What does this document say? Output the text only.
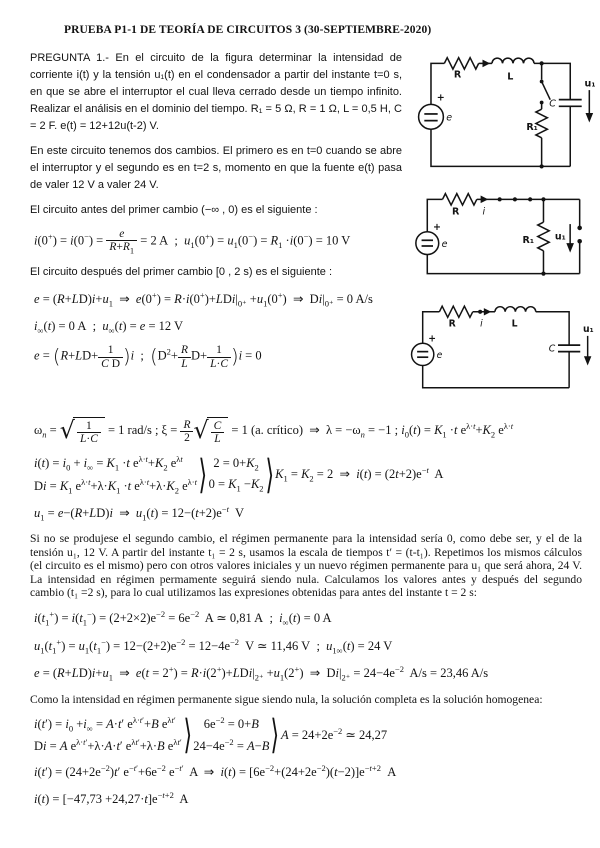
PRUEBA P1-1 DE TEORÍA DE CIRCUITOS 3 (30-SEPTIEMBRE-2020)

PREGUNTA 1.- En el circuito de la figura determinar la intensidad de corriente i(t) y la tensión u₁(t) en el condensador a partir del instante t=0 s, en que se abre el interruptor el cual lleva cerrado desde un tiempo infinito. Realizar el análisis en el dominio del tiempo. R₁ = 5 Ω, R = 1 Ω, L = 0,5 H, C = 2 F. e(t) = 12+12u(t-2) V.

En este circuito tenemos dos cambios. El primero es en t=0 cuando se abre el interruptor y el segundo es en t=2 s, momento en que la fuente e(t) pasa de valer 12 V a valer 24 V.

El circuito antes del primer cambio (−∞ , 0) es el siguiente :
$i(0^+) = i(0^-) = \frac{e}{R+R_1} = 2$ A  ;  $u_1(0^+) = u_1(0^-) = R_1 \cdot i(0^-) = 10$ V
El circuito después del primer cambio [0 , 2 s) es el siguiente :
$e = (R+LD)i+u_1$  ⇒  $e(0^+) = R\cdot i(0^+)+LDi|_{0^+} +u_1(0^+)$  ⇒  $Di|_{0^+} = 0$ A/s
$i_\infty(t) = 0$ A  ;  $u_\infty(t) = e = 12$ V
$e = (R+LD+ \frac{1}{\text{C D}} )i$  ;  $(D^2+ \frac{R}{L} D+ \frac{1}{L\cdot C} )i = 0$
+
e
R	L
R₁
C
u₁
+
e
R i
R₁ u₁
+
e
R i	L
C
u₁
$\omega_n$ = √ $\frac{1}{L\cdot C} = 1$ rad/s ; $\xi = \frac{R}{2}$ √ $\frac{C}{L} = 1$ (a. crítico)  ⇒  $\lambda = -\omega_n = -1$ ; $i_0(t) = K_1 \cdot t$ $e^{\lambda\cdot t}+K_2$ $e^{\lambda\cdot t}$
$i(t) = i_0 + i_\infty = K_1 \cdot t$ $e^{\lambda\cdot t}+K_2$ $e^{\lambda t}$
$Di = K_1$ $e^{\lambda\cdot t}+\lambda\cdot K_1 \cdot t$ $e^{\lambda\cdot t}+\lambda\cdot K_2$ $e^{\lambda\cdot t}$ ⟩ $2 = 0+K_2$
$0 = K_1 -K_2$ ⟩ $K_1 = K_2 = 2$  ⇒  $i(t) = (2t+2)e^{-t}$  A
$u_1 = e-(R+LD)i$  ⇒  $u_1(t) = 12-(t+2)e^{-t}$  V

Si no se produjese el segundo cambio, el régimen permanente para la intensidad sería 0, como debe ser, y el de la tensión u₁, 12 V. A partir del instante t₁ = 2 s, usamos la escala de tiempos t′ = (t-t₁). Repetimos los mismos cálculos (el circuito es el mismo) pero con otros valores iniciales y un nuevo régimen permanente para u₁ que será ahora, 24 V. La intensidad en régimen permamente seguirá siendo nula. Calculamos los valores antes y después del segundo cambio (t₁ =2 s), para lo cual utilizamos las expresiones obtenidas para antes del instante t = 2 s:

$i(t_1^+) = i(t_1^-) = (2+2\times 2)e^{-2} = 6e^{-2}$  A ≃ 0,81 A  ;  $i_\infty(t) = 0$ A
$u_1(t_1^+) = u_1(t_1^-) = 12-(2+2)e^{-2} = 12-4e^{-2}$  V ≃ 11,46 V  ;  $u_{1\infty}(t) = 24$ V
$e = (R+LD)i+u_1$  ⇒  $e(t = 2^+) = R\cdot i(2^+)+LDi|_{2^+} +u_1(2^+)$  ⇒  $Di|_{2^+} = 24-4e^{-2}$  A/s = 23,46 A/s

Como la intensidad en régimen permanente sigue siendo nula, la solución completa es la solución homogenea:

$i(t') = i_0 +i_\infty = A\cdot t'$ $e^{\lambda\cdot t'}+B$ $e^{\lambda t'}$
Di = A $e^{\lambda\cdot t'}+\lambda\cdot A\cdot t'$ $e^{\lambda t'}+\lambda\cdot B$ $e^{\lambda t'}$ ⟩ $6e^{-2} = 0+B$
$24-4e^{-2} = A-B$ ⟩ $A = 24+2e^{-2}$ ≃ 24,27
$i(t') = (24+2e^{-2})t'$ $e^{-t'}+6e^{-2}$ $e^{-t'}$  A  ⇒  $i(t) = [6e^{-2}+(24+2e^{-2})(t-2)]e^{-t+2}$  A
$i(t) = [-47,73 +24,27\cdot t]e^{-t+2}$  A
